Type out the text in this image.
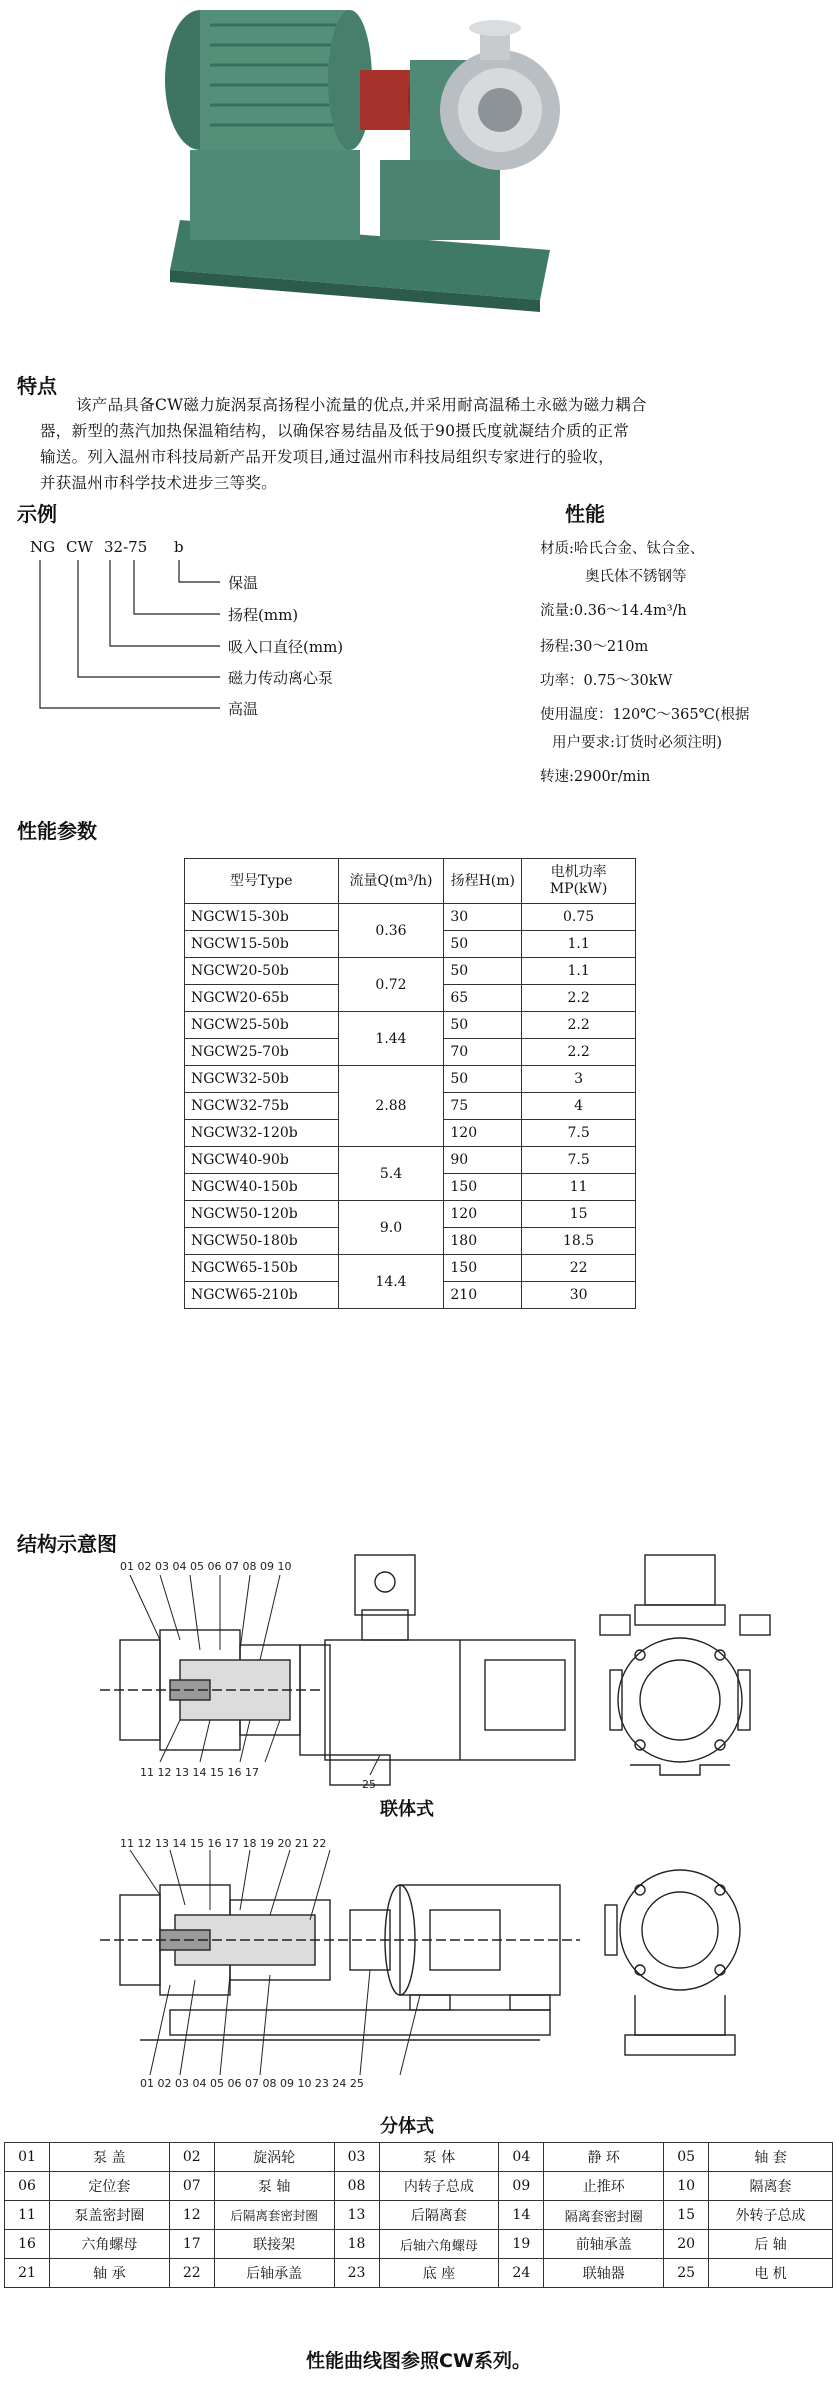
特点
该产品具备CW磁力旋涡泵高扬程小流量的优点,并采用耐高温稀土永磁为磁力耦合
器，新型的蒸汽加热保温箱结构，以确保容易结晶及低于90摄氏度就凝结介质的正常
输送。列入温州市科技局新产品开发项目,通过温州市科技局组织专家进行的验收，
并获温州市科学技术进步三等奖。
示例
NG CW 32-75 b
保温
扬程(mm)
吸入口直径(mm)
磁力传动离心泵
高温
性能
材质:哈氏合金、钛合金、
奥氏体不锈钢等
流量:0.36～14.4m³/h
扬程:30～210m
功率：0.75～30kW
使用温度：120℃～365℃(根据
用户要求:订货时必须注明)
转速:2900r/min
性能参数
型号Type	流量Q(m³/h)	扬程H(m)	电机功率
MP(kW)

NGCW15-30b	0.36	30	0.75
NGCW15-50b		50	1.1
NGCW20-50b	0.72	50	1.1
NGCW20-65b		65	2.2
NGCW25-50b	1.44	50	2.2
NGCW25-70b		70	2.2
NGCW32-50b	2.88	50	3
NGCW32-75b		75	4
NGCW32-120b		120	7.5
NGCW40-90b	5.4	90	7.5
NGCW40-150b		150	11
NGCW50-120b	9.0	120	15
NGCW50-180b		180	18.5
NGCW65-150b	14.4	150	22
NGCW65-210b		210	30
结构示意图
01 02 03 04 05 06 07 08 09 10
11 12 13 14 15 16 17
25
联体式
11 12 13 14 15 16 17 18 19 20 21 22
01 02 03 04 05 06 07 08 09 10 23 24 25
分体式
01	泵 盖	02	旋涡轮	03	泵 体	04	静 环	05	轴 套
06	定位套	07	泵 轴	08	内转子总成	09	止推环	10	隔离套
11	泵盖密封圈	12	后隔离套密封圈	13	后隔离套	14	隔离套密封圈	15	外转子总成
16	六角螺母	17	联接架	18	后轴六角螺母	19	前轴承盖	20	后 轴
21	轴 承	22	后轴承盖	23	底 座	24	联轴器	25	电 机
性能曲线图参照CW系列。
